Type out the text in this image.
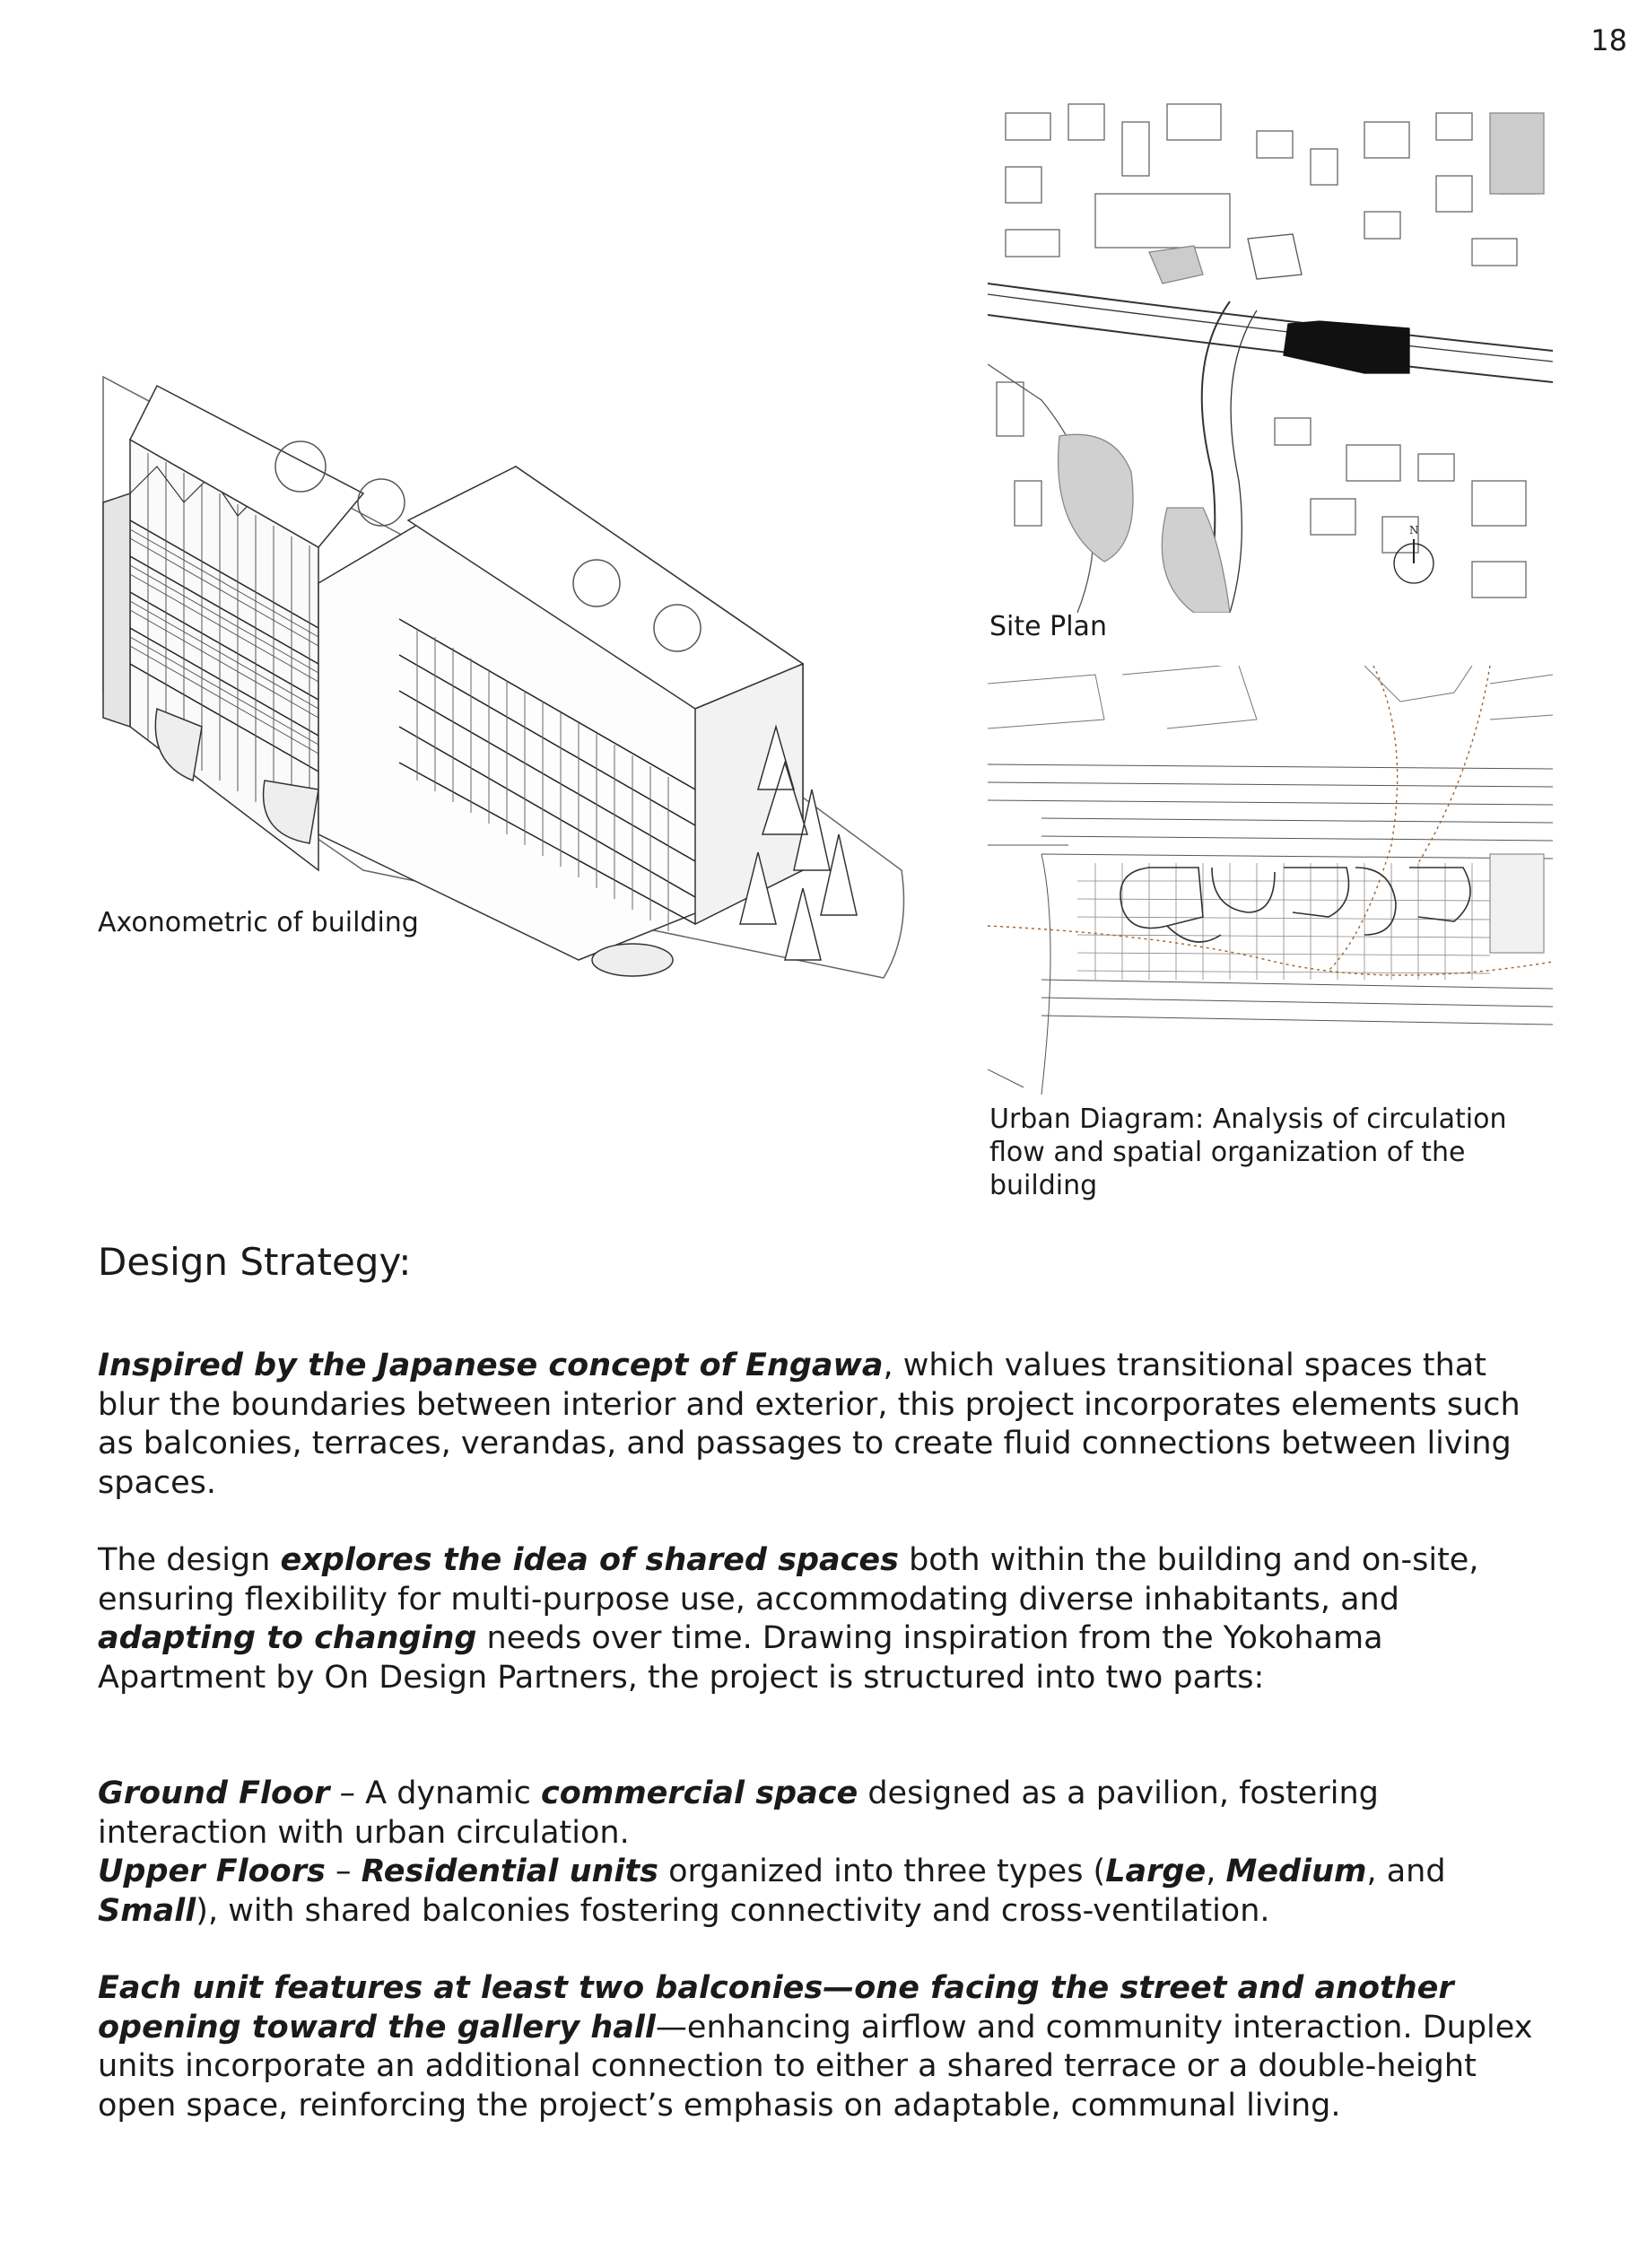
18
Axonometric of building
N
Site Plan
Urban Diagram: Analysis of circulation flow and spatial organization of the building
Design Strategy:

Inspired by the Japanese concept of Engawa, which values transitional spaces that blur the boundaries between interior and exterior, this project incorporates elements such as balconies, terraces, verandas, and passages to create fluid connections between living spaces.

The design explores the idea of shared spaces both within the building and on-site, ensuring flexibility for multi-purpose use, accommodating diverse inhabitants, and adapting to changing needs over time. Drawing inspiration from the Yokohama Apartment by On Design Partners, the project is structured into two parts:

Ground Floor – A dynamic commercial space designed as a pavilion, fostering interaction with urban circulation.

Upper Floors – Residential units organized into three types (Large, Medium, and Small), with shared balconies fostering connectivity and cross-ventilation.

Each unit features at least two balconies—one facing the street and another opening toward the gallery hall—enhancing airflow and community interaction. Duplex units incorporate an additional connection to either a shared terrace or a double-height open space, reinforcing the project’s emphasis on adaptable, communal living.
